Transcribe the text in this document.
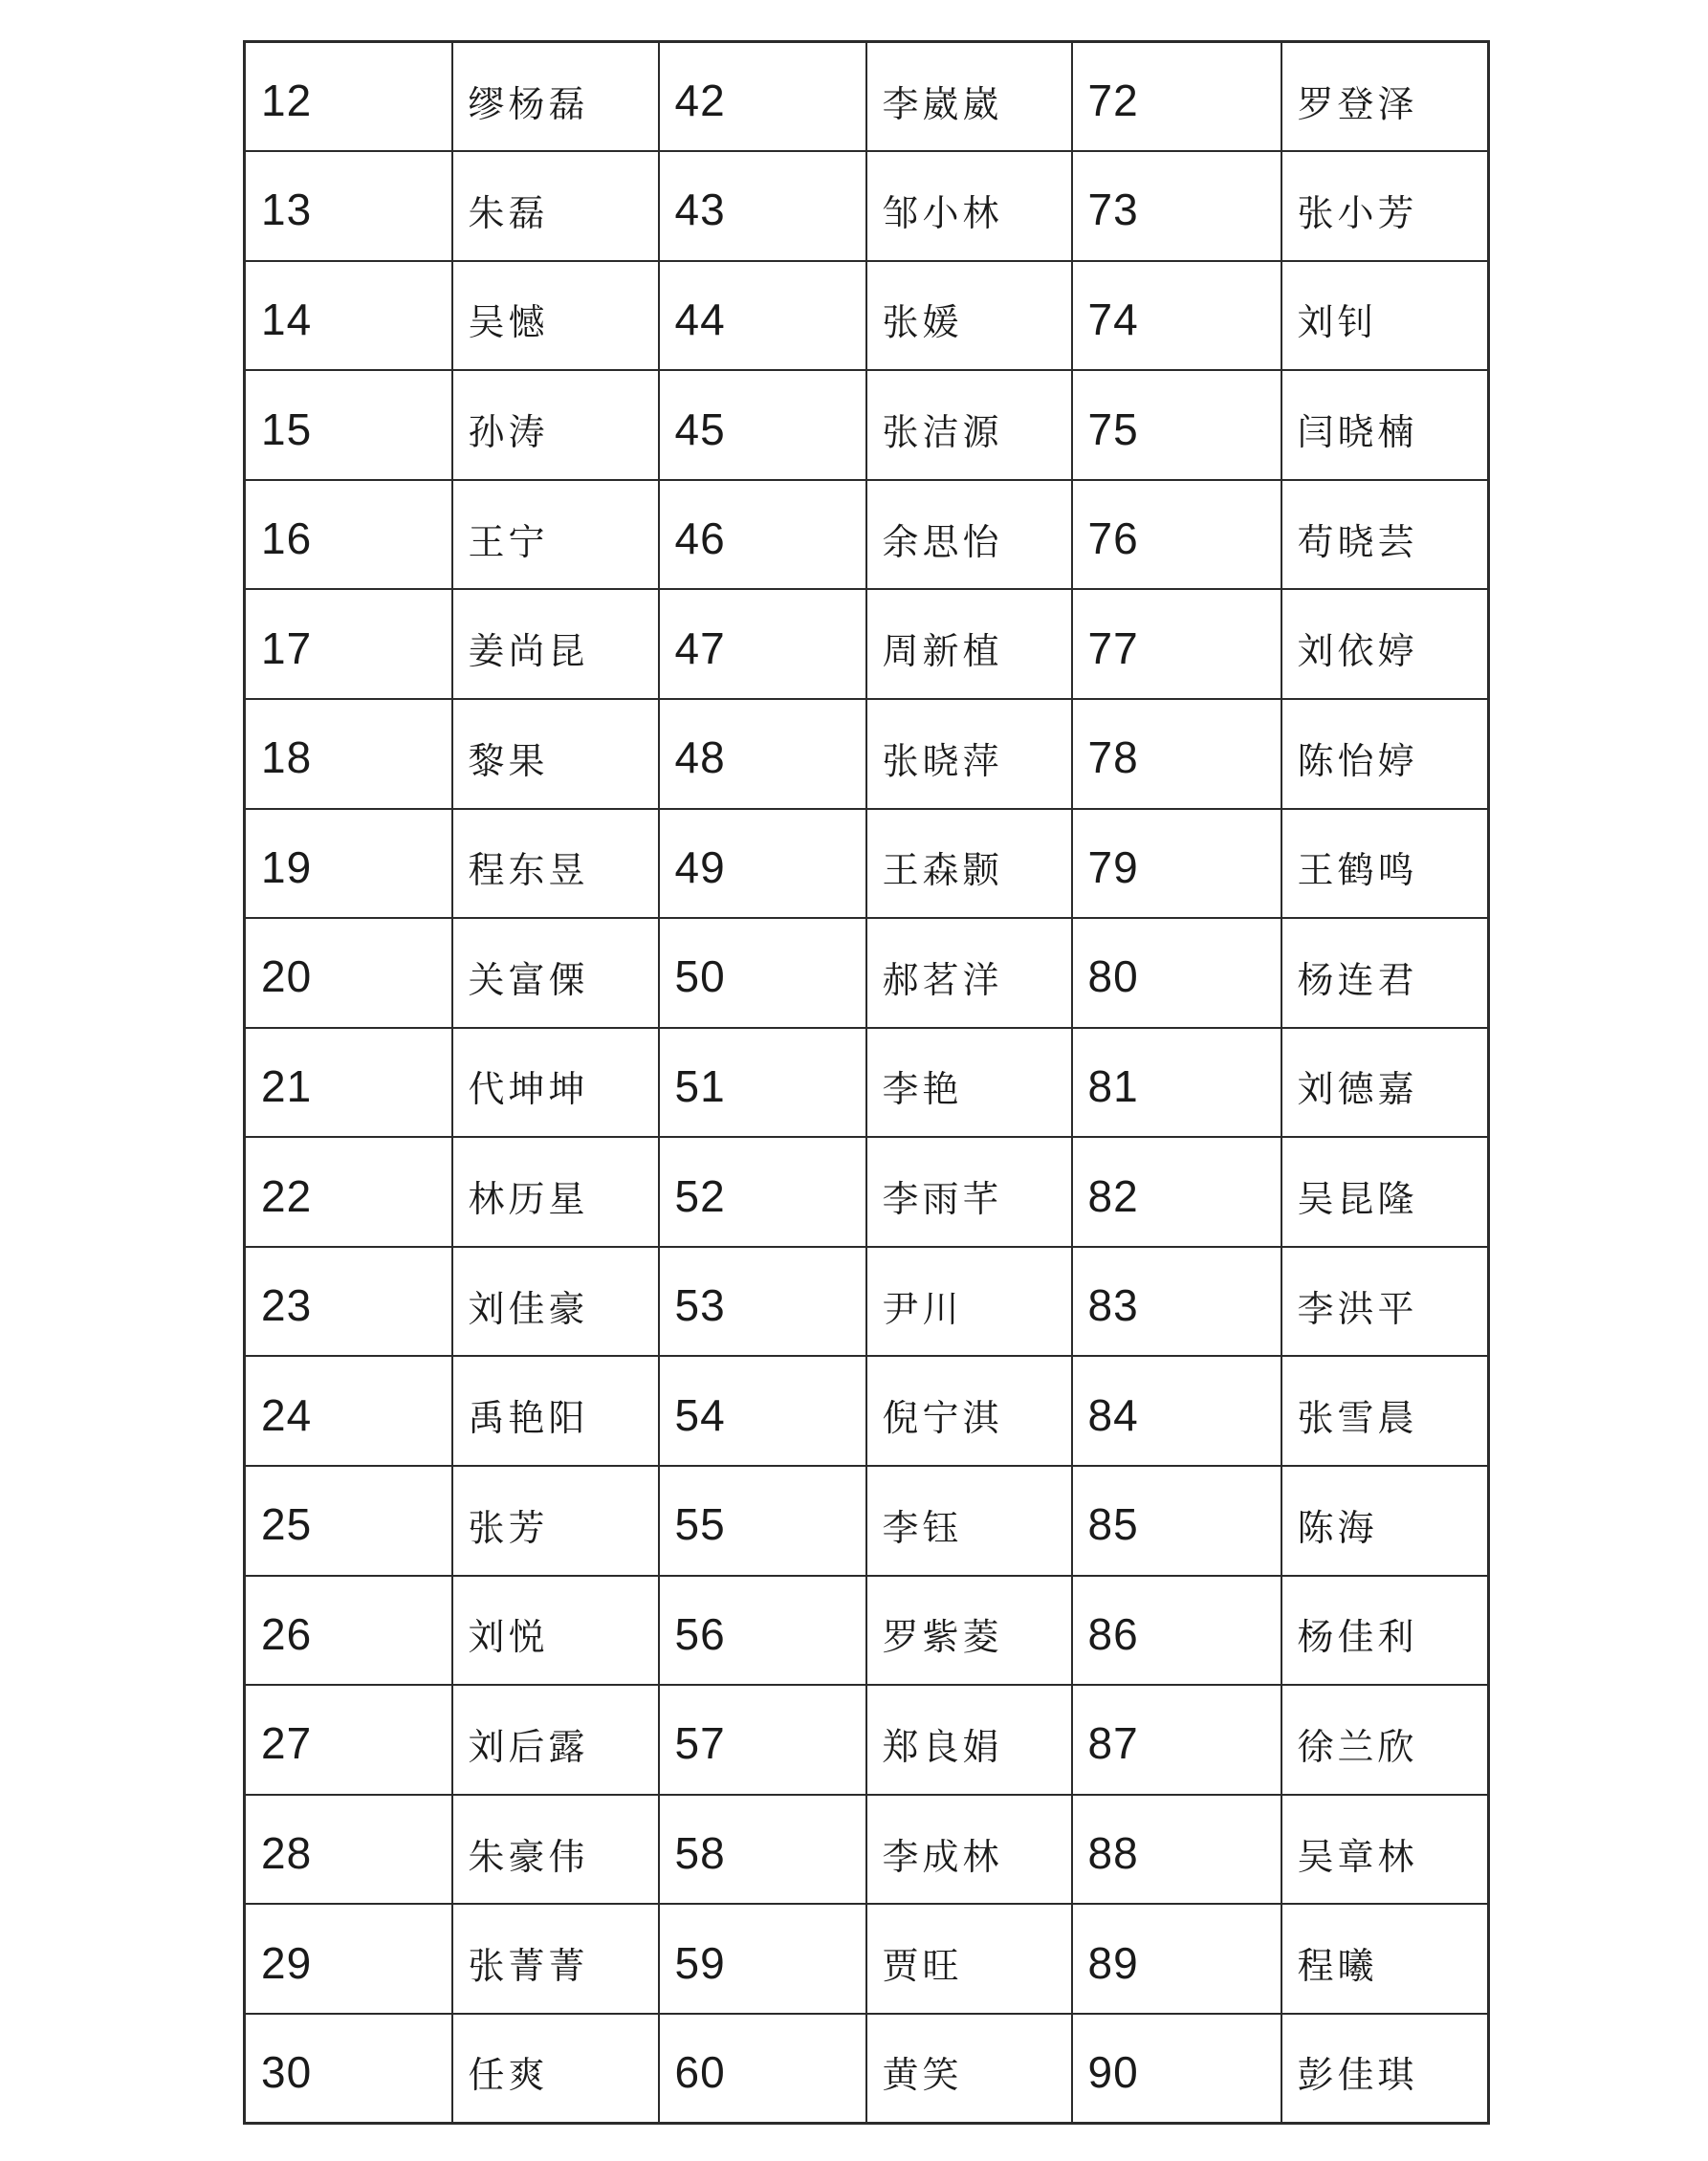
12	缪杨磊	42	李崴崴	72	罗登泽
13	朱磊	43	邹小林	73	张小芳
14	吴憾	44	张媛	74	刘钊
15	孙涛	45	张洁源	75	闫晓楠
16	王宁	46	余思怡	76	苟晓芸
17	姜尚昆	47	周新植	77	刘依婷
18	黎果	48	张晓萍	78	陈怡婷
19	程东昱	49	王森颢	79	王鹤鸣
20	关富傈	50	郝茗洋	80	杨连君
21	代坤坤	51	李艳	81	刘德嘉
22	林历星	52	李雨芊	82	吴昆隆
23	刘佳豪	53	尹川	83	李洪平
24	禹艳阳	54	倪宁淇	84	张雪晨
25	张芳	55	李钰	85	陈海
26	刘悦	56	罗紫菱	86	杨佳利
27	刘后露	57	郑良娟	87	徐兰欣
28	朱豪伟	58	李成林	88	吴章林
29	张菁菁	59	贾旺	89	程曦
30	任爽	60	黄笑	90	彭佳琪
